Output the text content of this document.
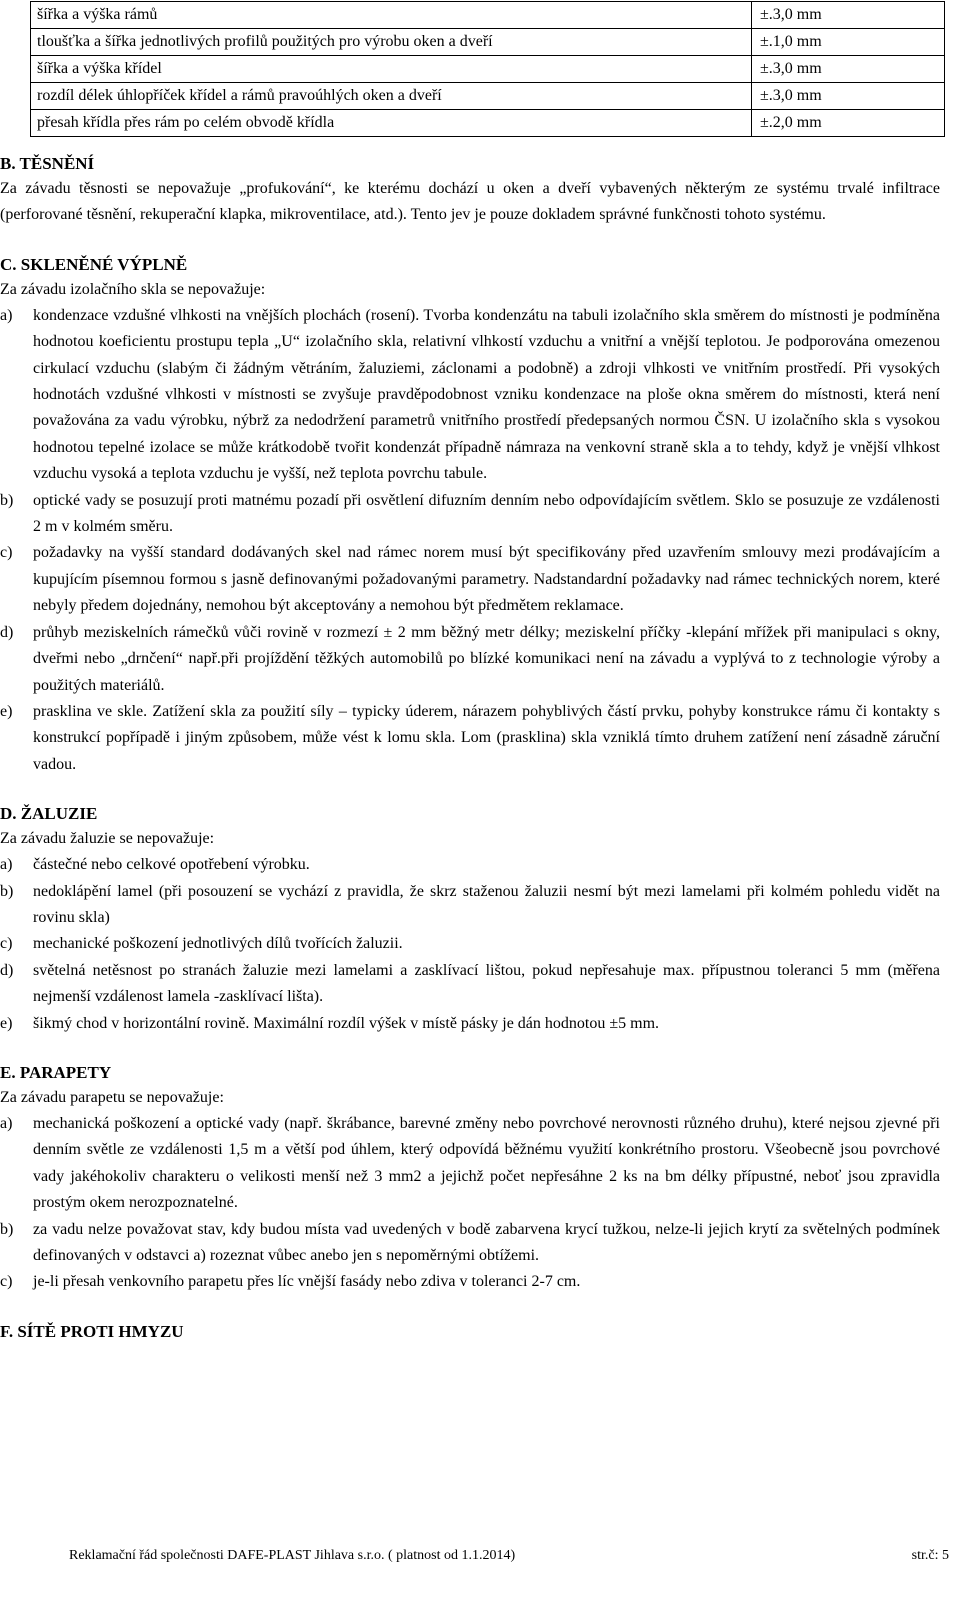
šířka a výška rámů	±.3,0 mm
tloušťka a šířka jednotlivých profilů použitých pro výrobu oken a dveří	±.1,0 mm
šířka a výška křídel	±.3,0 mm
rozdíl délek úhlopříček křídel a rámů pravoúhlých oken a dveří	±.3,0 mm
přesah křídla přes rám po celém obvodě křídla	±.2,0 mm

B. TĚSNĚNÍ

Za závadu těsnosti se nepovažuje „profukování“, ke kterému dochází u oken a dveří vybavených některým ze systému trvalé infiltrace (perforované těsnění, rekuperační klapka, mikroventilace, atd.). Tento jev je pouze dokladem správné funkčnosti tohoto systému.

C. SKLENĚNÉ VÝPLNĚ

Za závadu izolačního skla se nepovažuje:

a)	kondenzace vzdušné vlhkosti na vnějších plochách (rosení). Tvorba kondenzátu na tabuli izolačního skla směrem do místnosti je podmíněna hodnotou koeficientu prostupu tepla „U“ izolačního skla, relativní vlhkostí vzduchu a vnitřní a vnější teplotou. Je podporována omezenou cirkulací vzduchu (slabým či žádným větráním, žaluziemi, záclonami a podobně) a zdroji vlhkosti ve vnitřním prostředí. Při vysokých hodnotách vzdušné vlhkosti v místnosti se zvyšuje pravděpodobnost vzniku kondenzace na ploše okna směrem do místnosti, která není považována za vadu výrobku, nýbrž za nedodržení parametrů vnitřního prostředí předepsaných normou ČSN. U izolačního skla s vysokou hodnotou tepelné izolace se může krátkodobě tvořit kondenzát případně námraza na venkovní straně skla a to tehdy, když je vnější vlhkost vzduchu vysoká a teplota vzduchu je vyšší, než teplota povrchu tabule.
b)	optické vady se posuzují proti matnému pozadí při osvětlení difuzním denním nebo odpovídajícím světlem. Sklo se posuzuje ze vzdálenosti 2 m v kolmém směru.
c)	požadavky na vyšší standard dodávaných skel nad rámec norem musí být specifikovány před uzavřením smlouvy mezi prodávajícím a kupujícím písemnou formou s jasně definovanými požadovanými parametry. Nadstandardní požadavky nad rámec technických norem, které nebyly předem dojednány, nemohou být akceptovány a nemohou být předmětem reklamace.
d)	průhyb meziskelních rámečků vůči rovině v rozmezí ± 2 mm běžný metr délky; meziskelní příčky -klepání mřížek při manipulaci s okny, dveřmi nebo „drnčení“ např.při projíždění těžkých automobilů po blízké komunikaci není na závadu a vyplývá to z technologie výroby a použitých materiálů.
e)	prasklina ve skle. Zatížení skla za použití síly – typicky úderem, nárazem pohyblivých částí prvku, pohyby konstrukce rámu či kontakty s konstrukcí popřípadě i jiným způsobem, může vést k lomu skla. Lom (prasklina) skla vzniklá tímto druhem zatížení není zásadně záruční vadou.

D. ŽALUZIE

Za závadu žaluzie se nepovažuje:

a)	částečné nebo celkové opotřebení výrobku.
b)	nedoklápění lamel (při posouzení se vychází z pravidla, že skrz staženou žaluzii nesmí být mezi lamelami při kolmém pohledu vidět na rovinu skla)
c)	mechanické poškození jednotlivých dílů tvořících žaluzii.
d)	světelná netěsnost po stranách žaluzie mezi lamelami a zasklívací lištou, pokud nepřesahuje max. přípustnou toleranci 5 mm (měřena nejmenší vzdálenost lamela -zasklívací lišta).
e)	šikmý chod v horizontální rovině. Maximální rozdíl výšek v místě pásky je dán hodnotou ±5 mm.

E. PARAPETY

Za závadu parapetu se nepovažuje:

a)	mechanická poškození a optické vady (např. škrábance, barevné změny nebo povrchové nerovnosti různého druhu), které nejsou zjevné při denním světle ze vzdálenosti 1,5 m a větší pod úhlem, který odpovídá běžnému využití konkrétního prostoru. Všeobecně jsou povrchové vady jakéhokoliv charakteru o velikosti menší než 3 mm2 a jejichž počet nepřesáhne 2 ks na bm délky přípustné, neboť jsou zpravidla prostým okem nerozpoznatelné.
b)	za vadu nelze považovat stav, kdy budou místa vad uvedených v bodě zabarvena krycí tužkou, nelze-li jejich krytí za světelných podmínek definovaných v odstavci a) rozeznat vůbec anebo jen s nepoměrnými obtížemi.
c)	je-li přesah venkovního parapetu přes líc vnější fasády nebo zdiva v toleranci 2-7 cm.

F. SÍTĚ PROTI HMYZU

Reklamační řád společnosti DAFE-PLAST Jihlava s.r.o. ( platnost od 1.1.2014)	str.č: 5
